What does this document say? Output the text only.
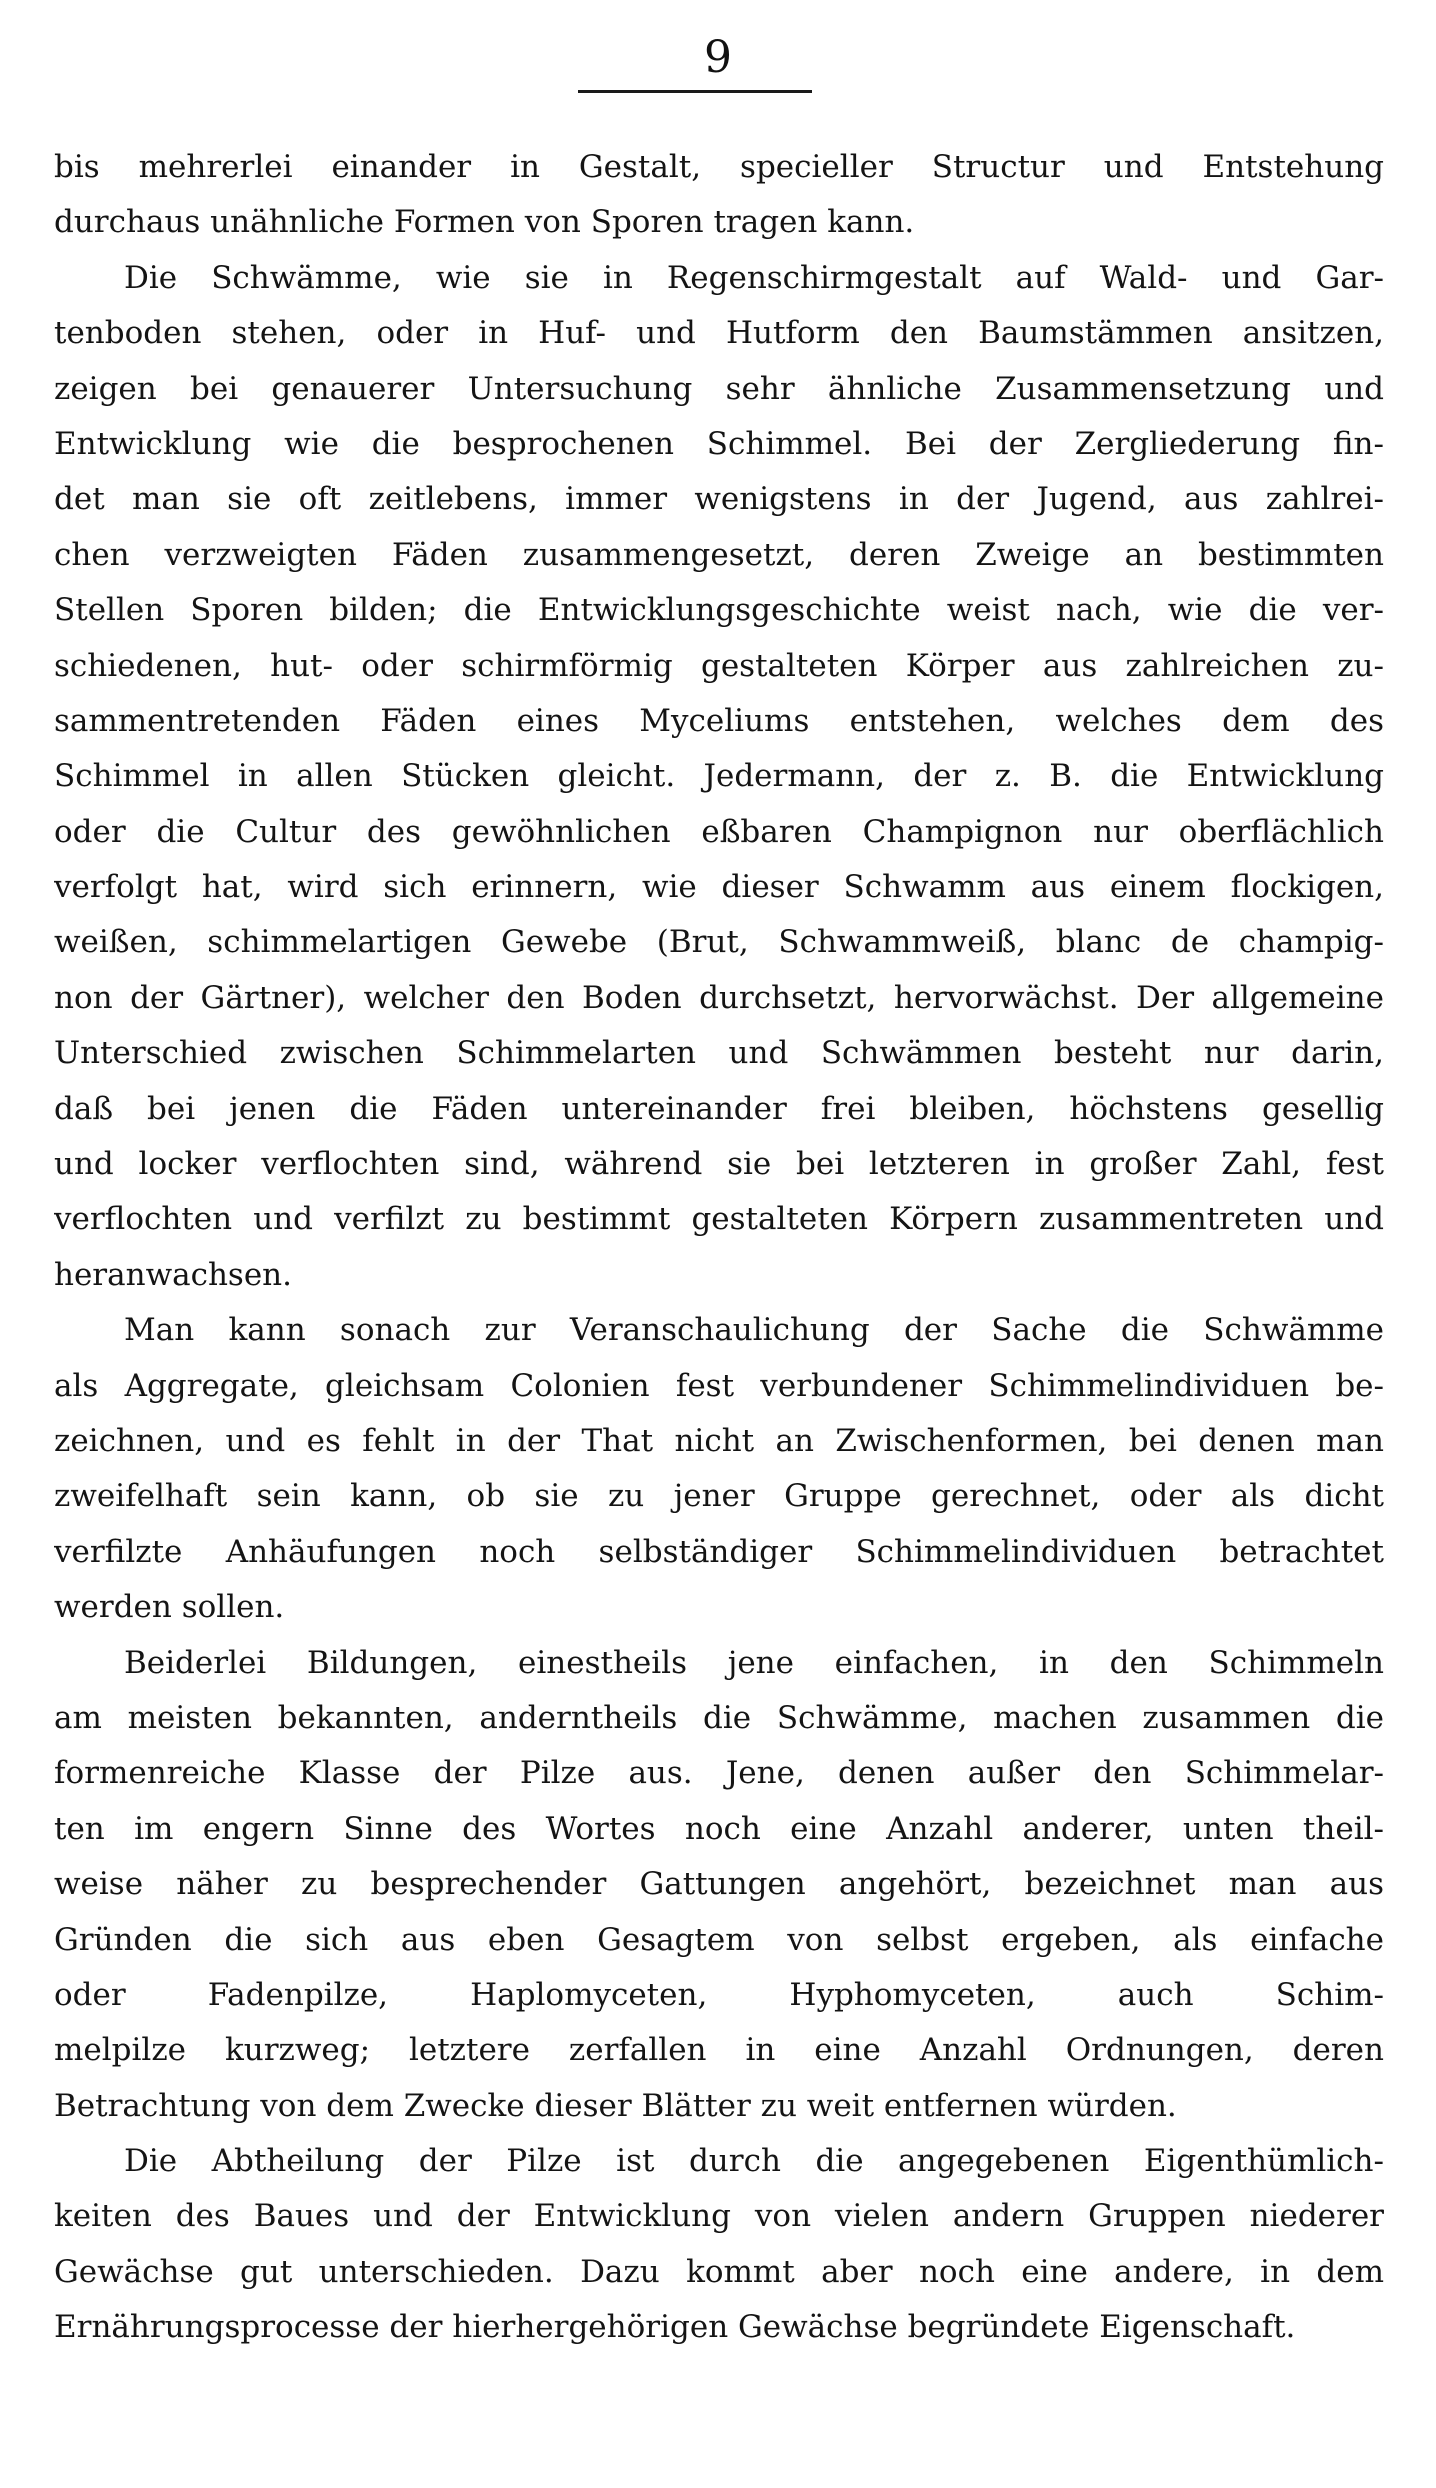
9
bis mehrerlei einander in Gestalt, specieller Structur und Entstehung
durchaus unähnliche Formen von Sporen tragen kann.
Die Schwämme, wie sie in Regenschirmgestalt auf Wald- und Gar-
tenboden stehen, oder in Huf- und Hutform den Baumstämmen ansitzen,
zeigen bei genauerer Untersuchung sehr ähnliche Zusammensetzung und
Entwicklung wie die besprochenen Schimmel. Bei der Zergliederung fin-
det man sie oft zeitlebens, immer wenigstens in der Jugend, aus zahlrei-
chen verzweigten Fäden zusammengesetzt, deren Zweige an bestimmten
Stellen Sporen bilden; die Entwicklungsgeschichte weist nach, wie die ver-
schiedenen, hut- oder schirmförmig gestalteten Körper aus zahlreichen zu-
sammentretenden Fäden eines Myceliums entstehen, welches dem des
Schimmel in allen Stücken gleicht. Jedermann, der z. B. die Entwicklung
oder die Cultur des gewöhnlichen eßbaren Champignon nur oberflächlich
verfolgt hat, wird sich erinnern, wie dieser Schwamm aus einem flockigen,
weißen, schimmelartigen Gewebe (Brut, Schwammweiß, blanc de champig-
non der Gärtner), welcher den Boden durchsetzt, hervorwächst. Der allgemeine
Unterschied zwischen Schimmelarten und Schwämmen besteht nur darin,
daß bei jenen die Fäden untereinander frei bleiben, höchstens gesellig
und locker verflochten sind, während sie bei letzteren in großer Zahl, fest
verflochten und verfilzt zu bestimmt gestalteten Körpern zusammentreten und
heranwachsen.
Man kann sonach zur Veranschaulichung der Sache die Schwämme
als Aggregate, gleichsam Colonien fest verbundener Schimmelindividuen be-
zeichnen, und es fehlt in der That nicht an Zwischenformen, bei denen man
zweifelhaft sein kann, ob sie zu jener Gruppe gerechnet, oder als dicht
verfilzte Anhäufungen noch selbständiger Schimmelindividuen betrachtet
werden sollen.
Beiderlei Bildungen, einestheils jene einfachen, in den Schimmeln
am meisten bekannten, anderntheils die Schwämme, machen zusammen die
formenreiche Klasse der Pilze aus. Jene, denen außer den Schimmelar-
ten im engern Sinne des Wortes noch eine Anzahl anderer, unten theil-
weise näher zu besprechender Gattungen angehört, bezeichnet man aus
Gründen die sich aus eben Gesagtem von selbst ergeben, als einfache
oder Fadenpilze, Haplomyceten, Hyphomyceten, auch Schim-
melpilze kurzweg; letztere zerfallen in eine Anzahl Ordnungen, deren
Betrachtung von dem Zwecke dieser Blätter zu weit entfernen würden.
Die Abtheilung der Pilze ist durch die angegebenen Eigenthümlich-
keiten des Baues und der Entwicklung von vielen andern Gruppen niederer
Gewächse gut unterschieden. Dazu kommt aber noch eine andere, in dem
Ernährungsprocesse der hierhergehörigen Gewächse begründete Eigenschaft.
